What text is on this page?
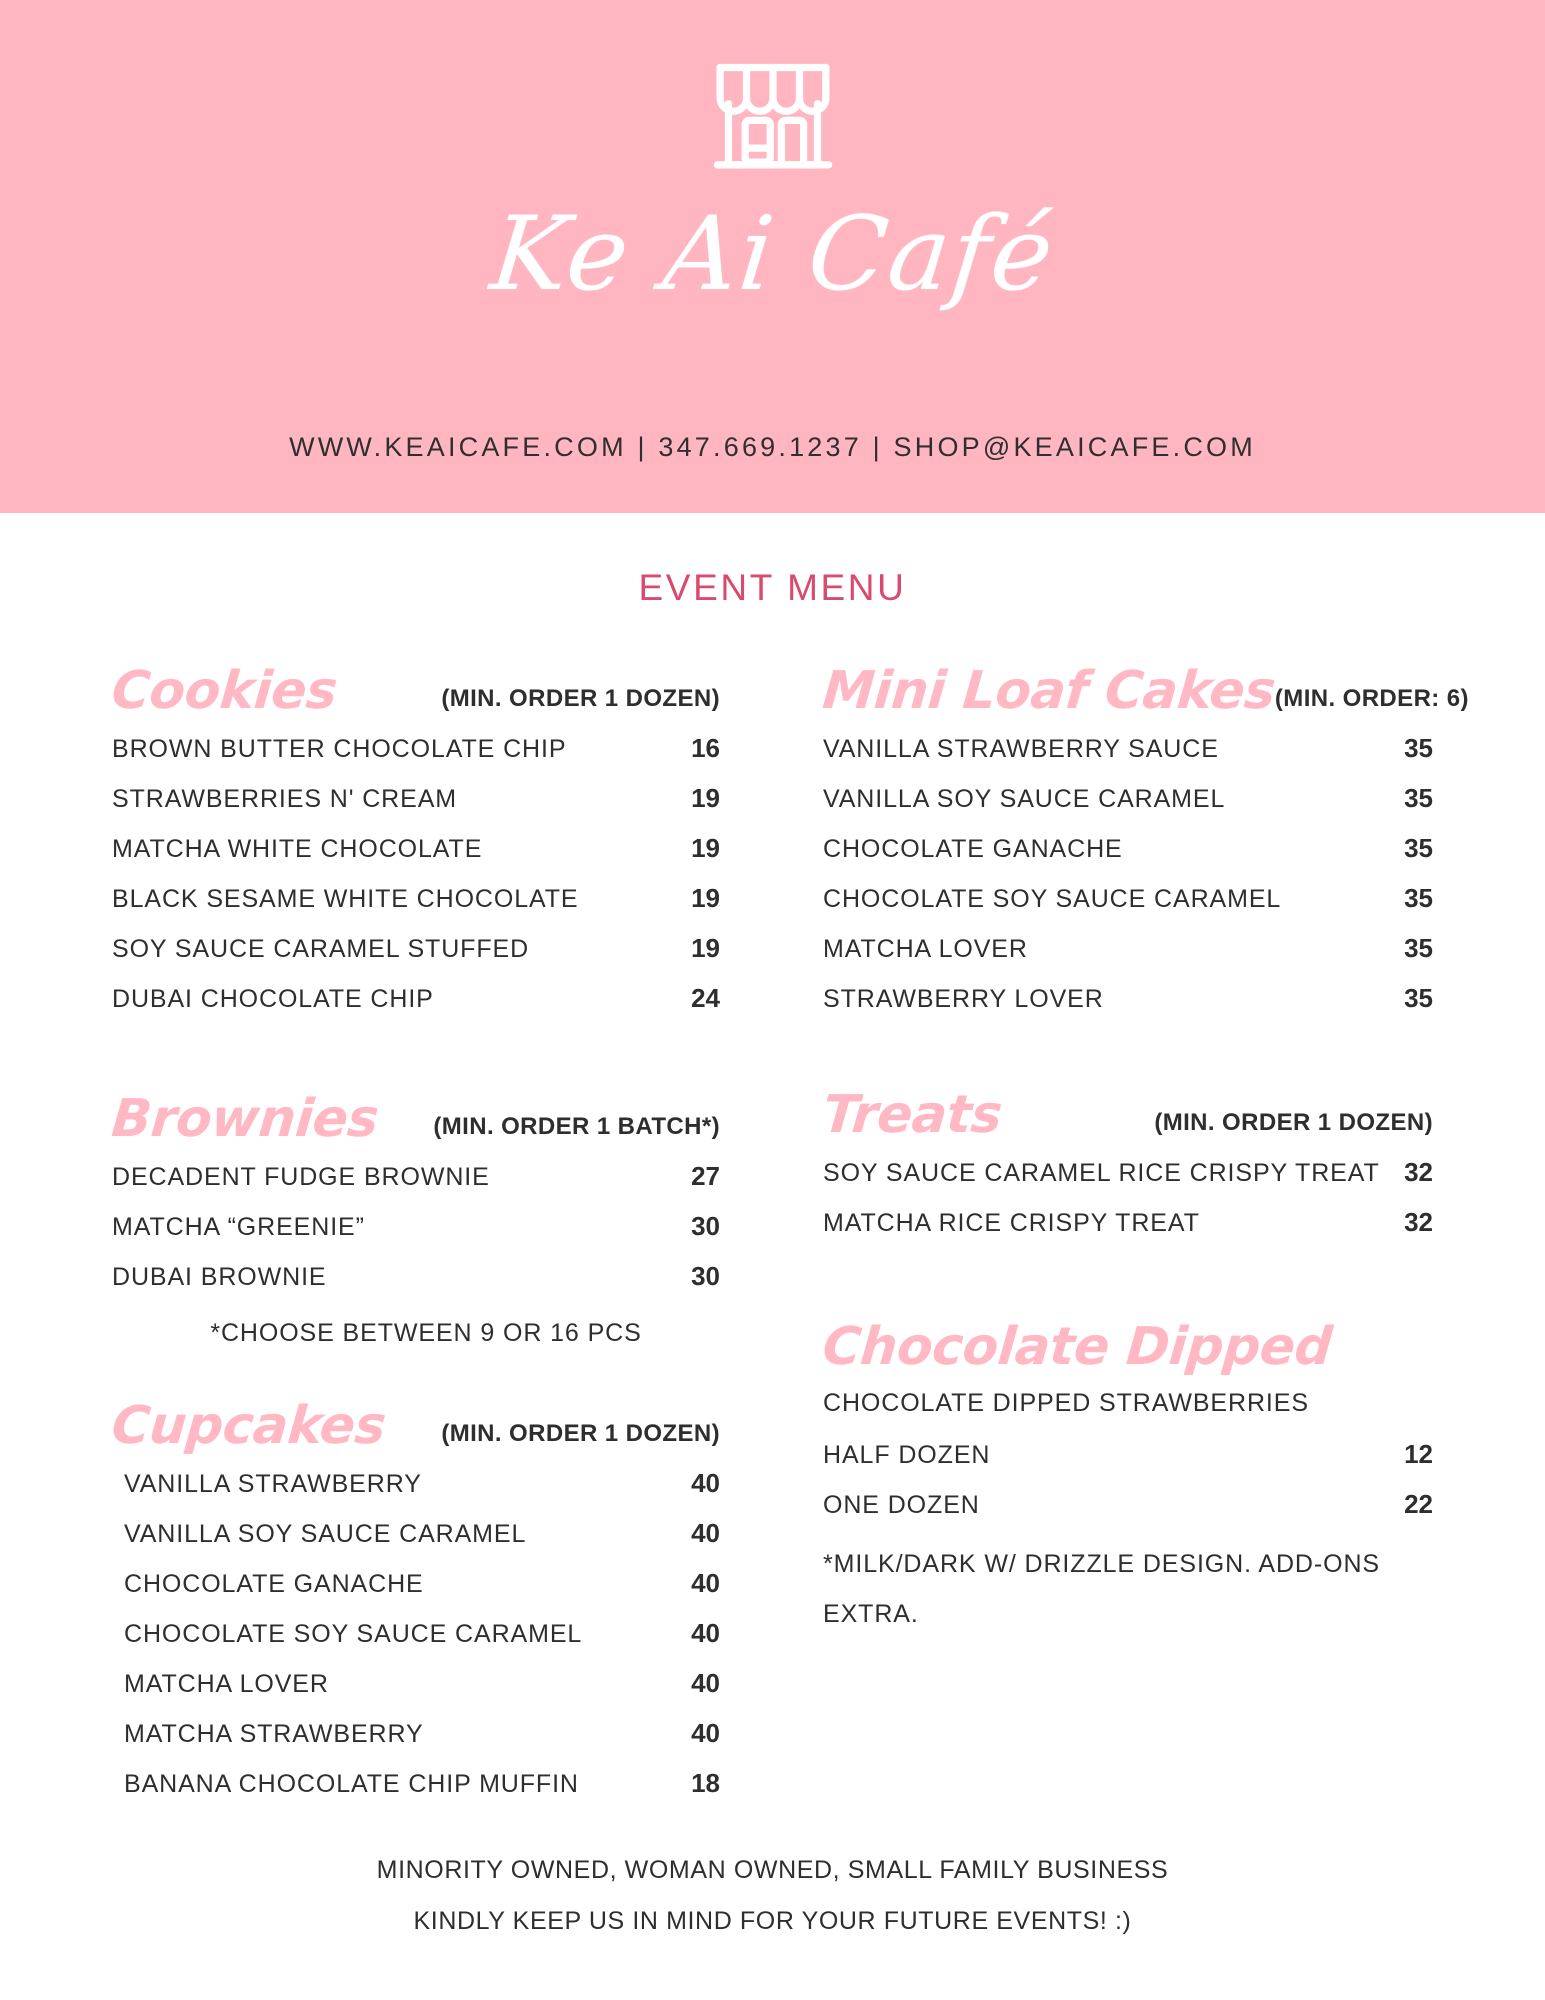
Ke Ai Café
WWW.KEAICAFE.COM | 347.669.1237 | SHOP@KEAICAFE.COM
EVENT MENU
Cookies	(MIN. ORDER 1 DOZEN)
BROWN BUTTER CHOCOLATE CHIP	16
STRAWBERRIES N' CREAM	19
MATCHA WHITE CHOCOLATE	19
BLACK SESAME WHITE CHOCOLATE	19
SOY SAUCE CARAMEL STUFFED	19
DUBAI CHOCOLATE CHIP	24
Brownies (MIN. ORDER 1 BATCH*)
DECADENT FUDGE BROWNIE	27
MATCHA “GREENIE”	30
DUBAI BROWNIE	30
*CHOOSE BETWEEN 9 OR 16 PCS
Cupcakes (MIN. ORDER 1 DOZEN)
VANILLA STRAWBERRY	40
VANILLA SOY SAUCE CARAMEL	40
CHOCOLATE GANACHE	40
CHOCOLATE SOY SAUCE CARAMEL	40
MATCHA LOVER	40
MATCHA STRAWBERRY	40
BANANA CHOCOLATE CHIP MUFFIN	18
Mini Loaf Cakes
(MIN. ORDER: 6)
VANILLA STRAWBERRY SAUCE	35
VANILLA SOY SAUCE CARAMEL	35
CHOCOLATE GANACHE	35
CHOCOLATE SOY SAUCE CARAMEL	35
MATCHA LOVER	35
STRAWBERRY LOVER	35
Treats	(MIN. ORDER 1 DOZEN)
SOY SAUCE CARAMEL RICE CRISPY TREAT 32
MATCHA RICE CRISPY TREAT	32
Chocolate Dipped
CHOCOLATE DIPPED STRAWBERRIES
HALF DOZEN	12
ONE DOZEN	22
*MILK/DARK W/ DRIZZLE DESIGN. ADD-ONS EXTRA.
MINORITY OWNED, WOMAN OWNED, SMALL FAMILY BUSINESS
KINDLY KEEP US IN MIND FOR YOUR FUTURE EVENTS! :)
